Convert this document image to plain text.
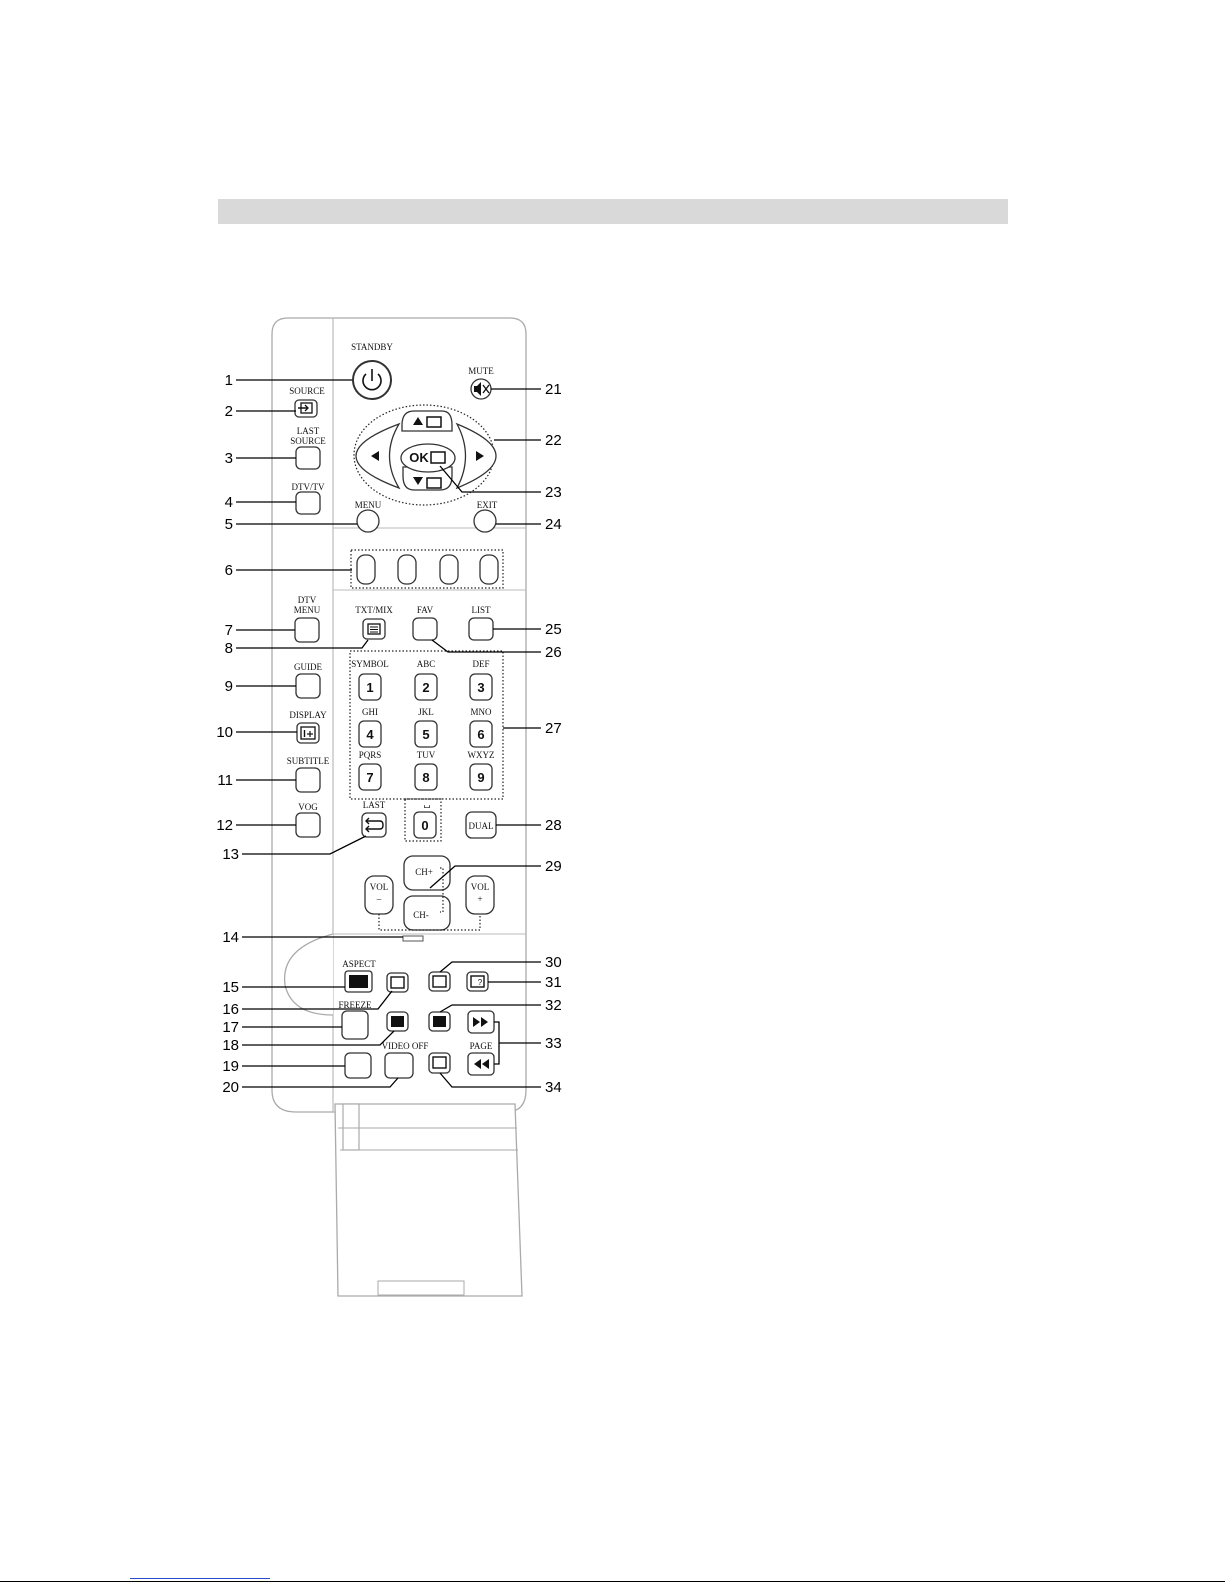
STANDBY
MUTE
SOURCE
LAST
SOURCE
DTV/TV
OK
MENU	EXIT
DTV
MENU	TXT/MIX	FAV	LIST
SYMBOL
1
ABC
2
DEF
3
GHI
4
JKL
5
MNO
6
PQRS
7
TUV
8
WXYZ
9
␣
0
GUIDE
DISPLAY
SUBTITLE
VOG	LAST
DUAL
CH+
CH-
VOL
–
VOL
+
ASPECT
?
FREEZE
PAGE
VIDEO OFF
1
2
3
4
5
6
7
8
9
10
11
12
13
14
15
16
17
18
19
20
21
22
23
24
25
26
27
28
29
30
31
32
33
34
